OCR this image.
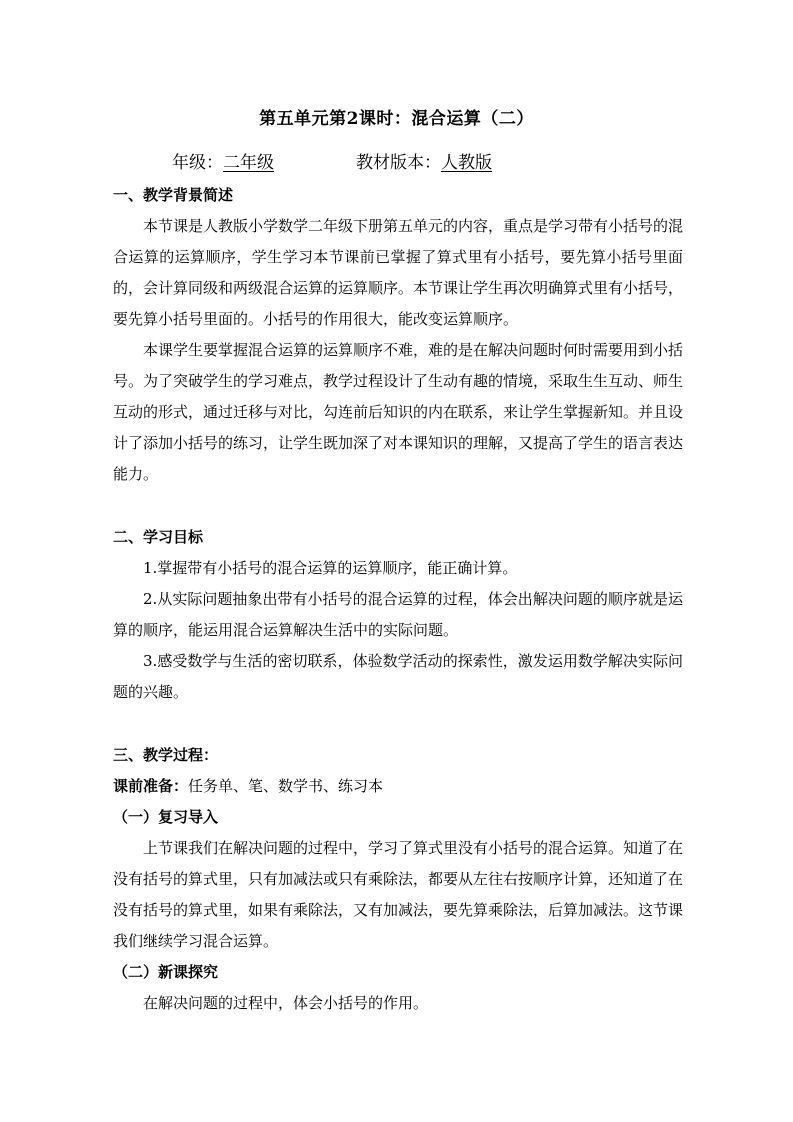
第五单元第2课时：混合运算（二）
年级：二年级	教材版本：人教版
一、教学背景简述

本节课是人教版小学数学二年级下册第五单元的内容，重点是学习带有小括号的混合运算的运算顺序，学生学习本节课前已掌握了算式里有小括号，要先算小括号里面的，会计算同级和两级混合运算的运算顺序。本节课让学生再次明确算式里有小括号，要先算小括号里面的。小括号的作用很大，能改变运算顺序。

本课学生要掌握混合运算的运算顺序不难，难的是在解决问题时何时需要用到小括号。为了突破学生的学习难点，教学过程设计了生动有趣的情境，采取生生互动、师生互动的形式，通过迁移与对比，勾连前后知识的内在联系，来让学生掌握新知。并且设计了添加小括号的练习，让学生既加深了对本课知识的理解，又提高了学生的语言表达能力。

二、学习目标

1.掌握带有小括号的混合运算的运算顺序，能正确计算。

2.从实际问题抽象出带有小括号的混合运算的过程，体会出解决问题的顺序就是运算的顺序，能运用混合运算解决生活中的实际问题。

3.感受数学与生活的密切联系，体验数学活动的探索性，激发运用数学解决实际问题的兴趣。

三、教学过程：
课前准备：任务单、笔、数学书、练习本
（一）复习导入

上节课我们在解决问题的过程中，学习了算式里没有小括号的混合运算。知道了在没有括号的算式里，只有加减法或只有乘除法，都要从左往右按顺序计算，还知道了在没有括号的算式里，如果有乘除法，又有加减法，要先算乘除法，后算加减法。这节课我们继续学习混合运算。

（二）新课探究

在解决问题的过程中，体会小括号的作用。
